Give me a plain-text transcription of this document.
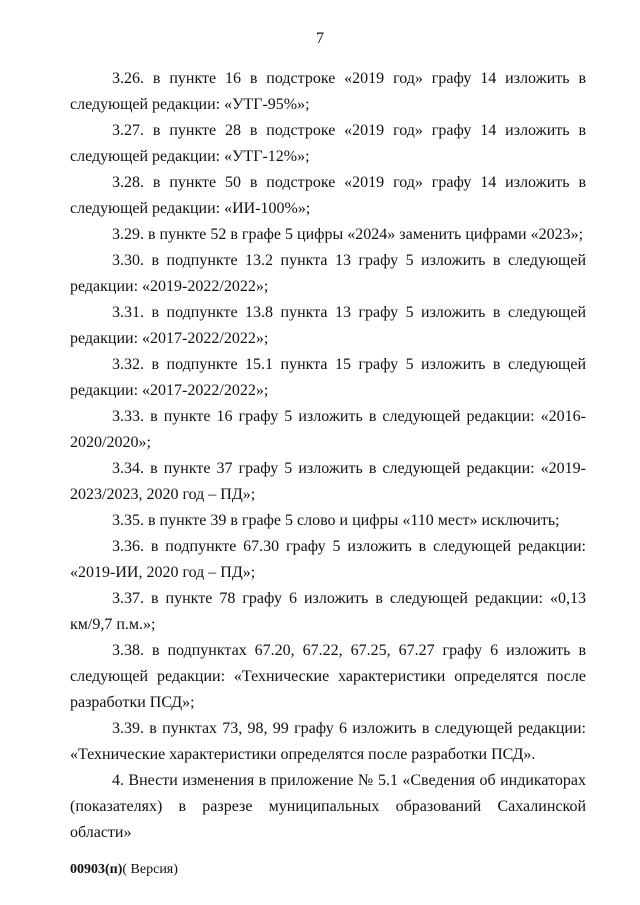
7

3.26. в пункте 16 в подстроке «2019 год» графу 14 изложить в следующей редакции: «УТГ-95%»;

3.27. в пункте 28 в подстроке «2019 год» графу 14 изложить в следующей редакции: «УТГ-12%»;

3.28. в пункте 50 в подстроке «2019 год» графу 14 изложить в следующей редакции: «ИИ-100%»;

3.29. в пункте 52 в графе 5 цифры «2024» заменить цифрами «2023»;

3.30. в подпункте 13.2 пункта 13 графу 5 изложить в следующей редакции: «2019-2022/2022»;

3.31. в подпункте 13.8 пункта 13 графу 5 изложить в следующей редакции: «2017-2022/2022»;

3.32. в подпункте 15.1 пункта 15 графу 5 изложить в следующей редакции: «2017-2022/2022»;

3.33. в пункте 16 графу 5 изложить в следующей редакции: «2016-2020/2020»;

3.34. в пункте 37 графу 5 изложить в следующей редакции: «2019-2023/2023, 2020 год – ПД»;

3.35. в пункте 39 в графе 5 слово и цифры «110 мест» исключить;

3.36. в подпункте 67.30 графу 5 изложить в следующей редакции: «2019-ИИ, 2020 год – ПД»;

3.37. в пункте 78 графу 6 изложить в следующей редакции: «0,13 км/9,7 п.м.»;

3.38. в подпунктах 67.20, 67.22, 67.25, 67.27 графу 6 изложить в следующей редакции: «Технические характеристики определятся после разработки ПСД»;

3.39. в пунктах 73, 98, 99 графу 6 изложить в следующей редакции: «Технические характеристики определятся после разработки ПСД».

4. Внести изменения в приложение № 5.1 «Сведения об индикаторах (показателях) в разрезе муниципальных образований Сахалинской области»

00903(п)( Версия)
